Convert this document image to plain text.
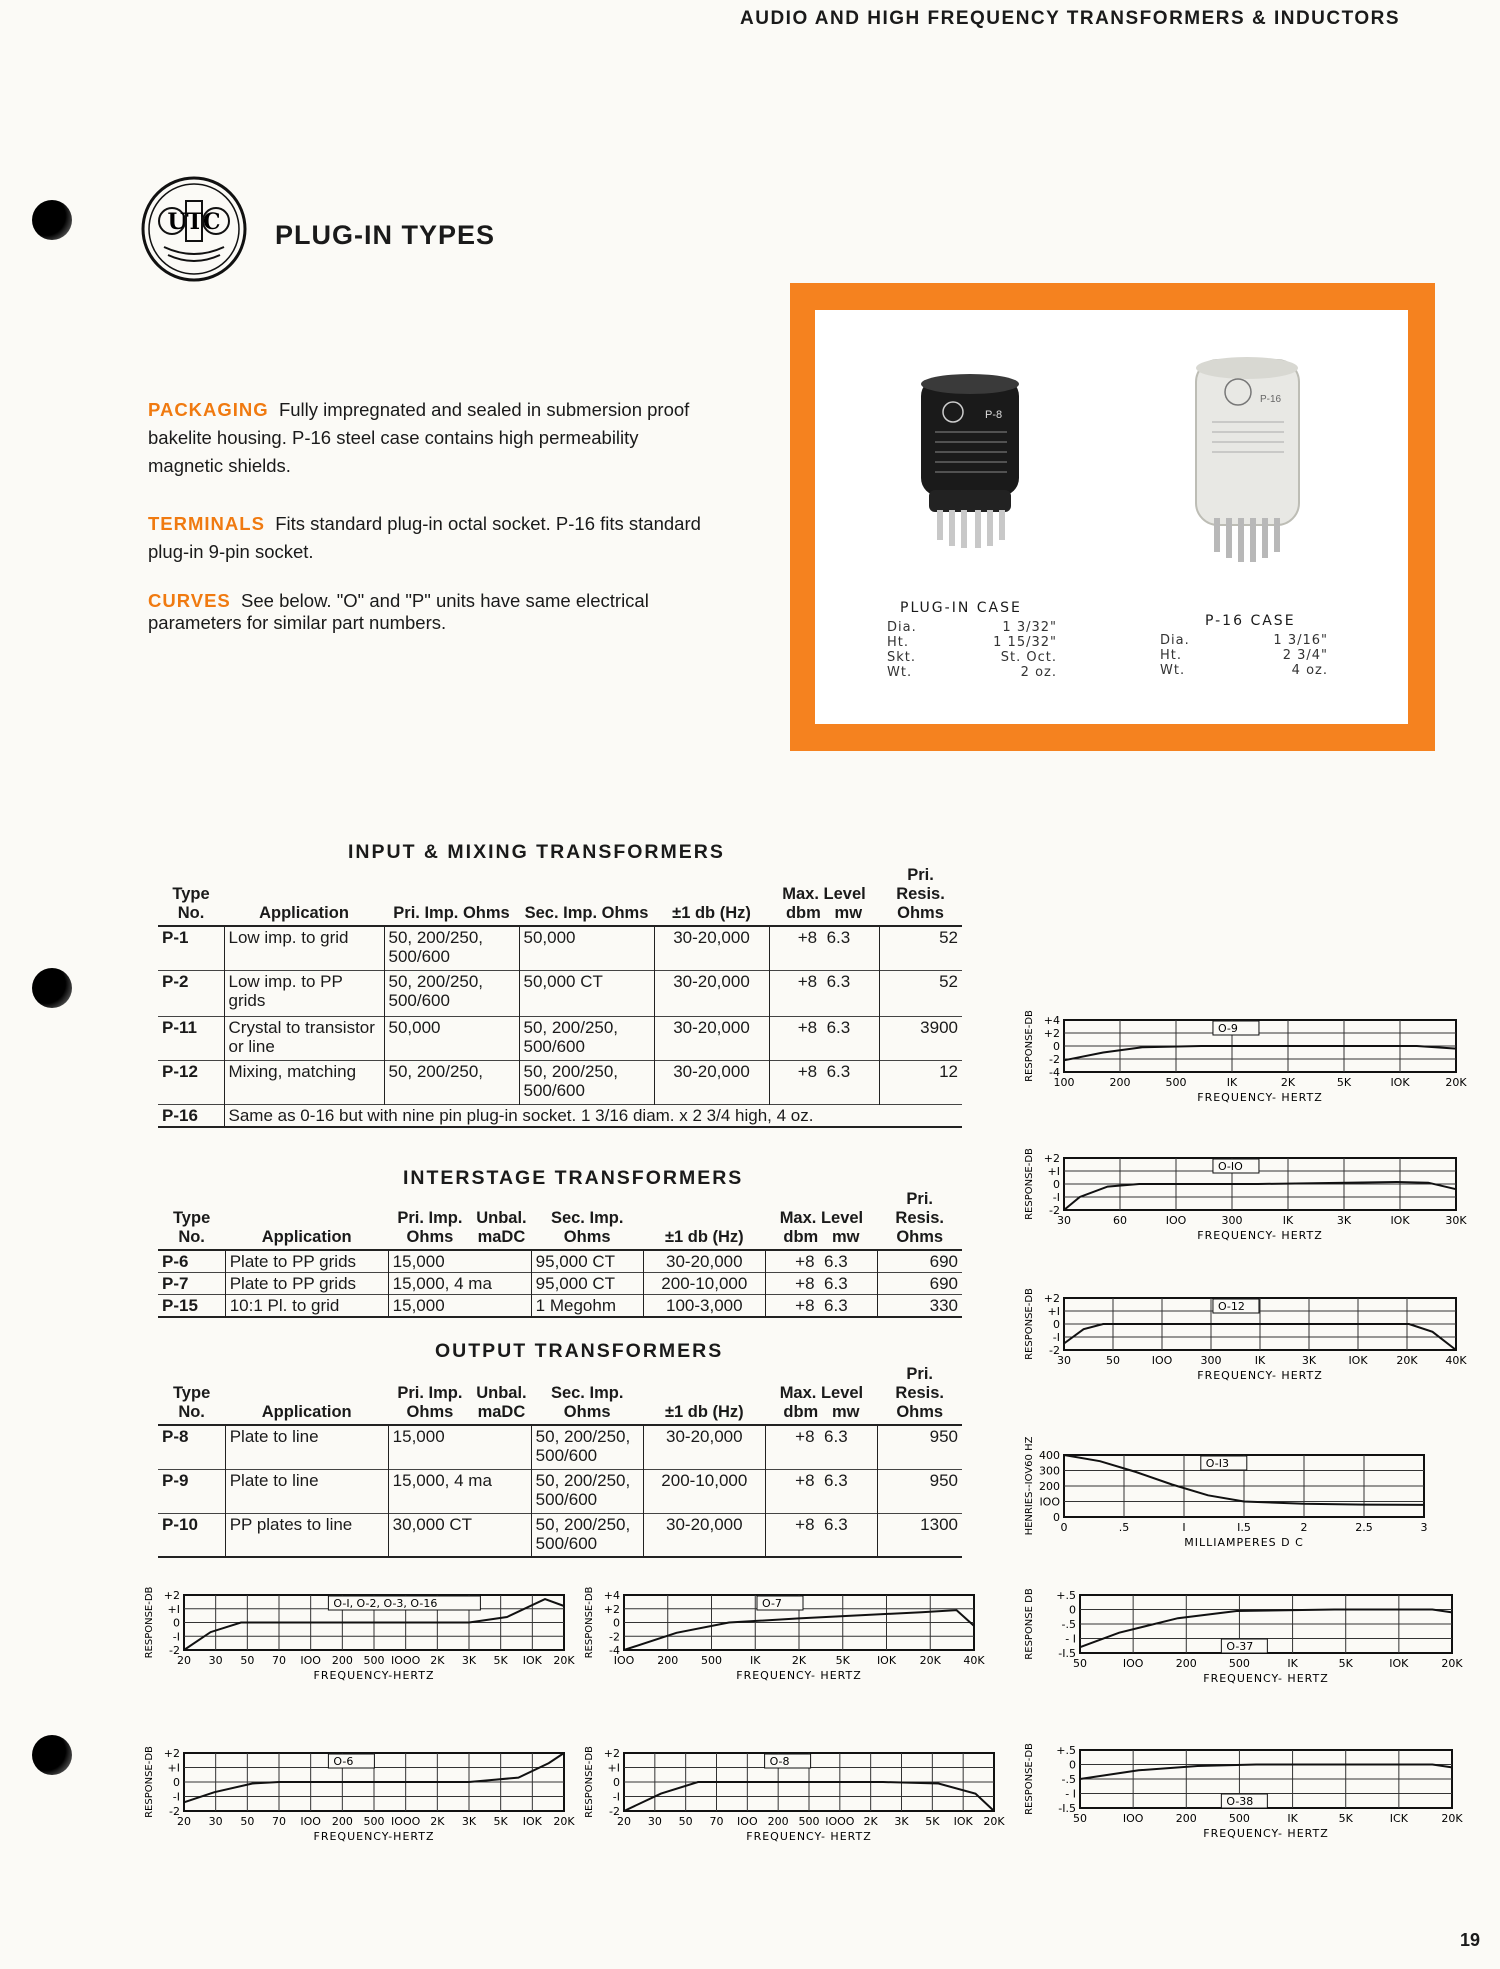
AUDIO AND HIGH FREQUENCY TRANSFORMERS & INDUCTORS
UTC PLUG-IN TYPES
PACKAGING Fully impregnated and sealed in submersion proof bakelite housing. P-16 steel case contains high permeability magnetic shields.
TERMINALS Fits standard plug-in octal socket. P-16 fits standard plug-in 9-pin socket.
CURVES See below. "O" and "P" units have same electrical parameters for similar part numbers.
P-8
P-16
PLUG-IN CASE
Dia.	1 3/32"
Ht.	1 15/32"
Skt.	St. Oct.
Wt.	2 oz.
P-16 CASE
Dia.	1 3/16"
Ht.	2 3/4"
Wt.	4 oz.
INPUT & MIXING TRANSFORMERS
Type No.	Application	Pri. Imp. Ohms	Sec. Imp. Ohms	±1 db (Hz)	Max. Level
dbm mw	Pri. Resis. Ohms
P-1	Low imp. to grid	50, 200/250, 500/600	50,000	30-20,000	+8 6.3	52
P-2	Low imp. to PP grids	50, 200/250, 500/600	50,000 CT	30-20,000	+8 6.3	52
P-11	Crystal to transistor or line	50,000	50, 200/250, 500/600	30-20,000	+8 6.3	3900
P-12	Mixing, matching	50, 200/250,	50, 200/250, 500/600	30-20,000	+8 6.3	12
P-16	Same as 0-16 but with nine pin plug-in socket. 1 3/16 diam. x 2 3/4 high, 4 oz.					
INTERSTAGE TRANSFORMERS
Type No.	Application	Pri. Imp. Ohms	Unbal. maDC	Sec. Imp. Ohms	±1 db (Hz)	Max. Level
dbm mw	Pri. Resis. Ohms
P-6	Plate to PP grids	15,000		95,000 CT	30-20,000	+8 6.3	690
P-7	Plate to PP grids	15,000, 4 ma		95,000 CT	200-10,000	+8 6.3	690
P-15	10:1 Pl. to grid	15,000		1 Megohm	100-3,000	+8 6.3	330
OUTPUT TRANSFORMERS
Type No.	Application	Pri. Imp. Ohms	Unbal. maDC	Sec. Imp. Ohms	±1 db (Hz)	Max. Level
dbm mw	Pri. Resis. Ohms
P-8	Plate to line	15,000		50, 200/250, 500/600	30-20,000	+8 6.3	950
P-9	Plate to line	15,000, 4 ma		50, 200/250, 500/600	200-10,000	+8 6.3	950
P-10	PP plates to line	30,000 CT		50, 200/250, 500/600	30-20,000	+8 6.3	1300
+4
+2
0
-2
-4
100	200	500	IK	2K	5K	IOK	20K
FREQUENCY- HERTZ
RESPONSE-DB	O-9
+2
+I
0
-I
-2
30	60	IOO	300	IK	3K	IOK	30K
FREQUENCY- HERTZ
RESPONSE-DB	O-IO
+2
+I
0
-I
-2
30	50	IOO	300	IK	3K	IOK	20K	40K
FREQUENCY- HERTZ
RESPONSE-DB	O-12
400
300
200
IOO
0
0	.5	I	I.5	2	2.5	3
MILLIAMPERES D C
HENRIES--IOV60 HZ	O-I3
+.5
0
-.5
- I
-I.5
50	IOO	200	500	IK	5K	IOK	20K
FREQUENCY- HERTZ
RESPONSE DB	O-37
+.5
0
-.5
- I
-I.5
50	IOO	200	500	IK	5K	ICK	20K
FREQUENCY- HERTZ
RESPONSE-DB	O-38
+2
+I
0
-I
-2
20 30 50 70 IOO 200 500 IOOO 2K 3K 5K IOK 20K
FREQUENCY-HERTZ
RESPONSE-DB	O-I, O-2, O-3, O-16
+4
+2
0
-2
-4
IOO 200 500	IK	2K	5K IOK 20K 40K
FREQUENCY- HERTZ
RESPONSE-DB	O-7
+2
+I
0
-I
-2
20 30 50 70 IOO 200 500 IOOO 2K 3K 5K IOK 20K
FREQUENCY-HERTZ
RESPONSE-DB	O-6
+2
+I
0
-I
-2
20 30 50 70 IOO 200 500 IOOO 2K 3K 5K IOK 20K
FREQUENCY- HERTZ
RESPONSE-DB	O-8
19
